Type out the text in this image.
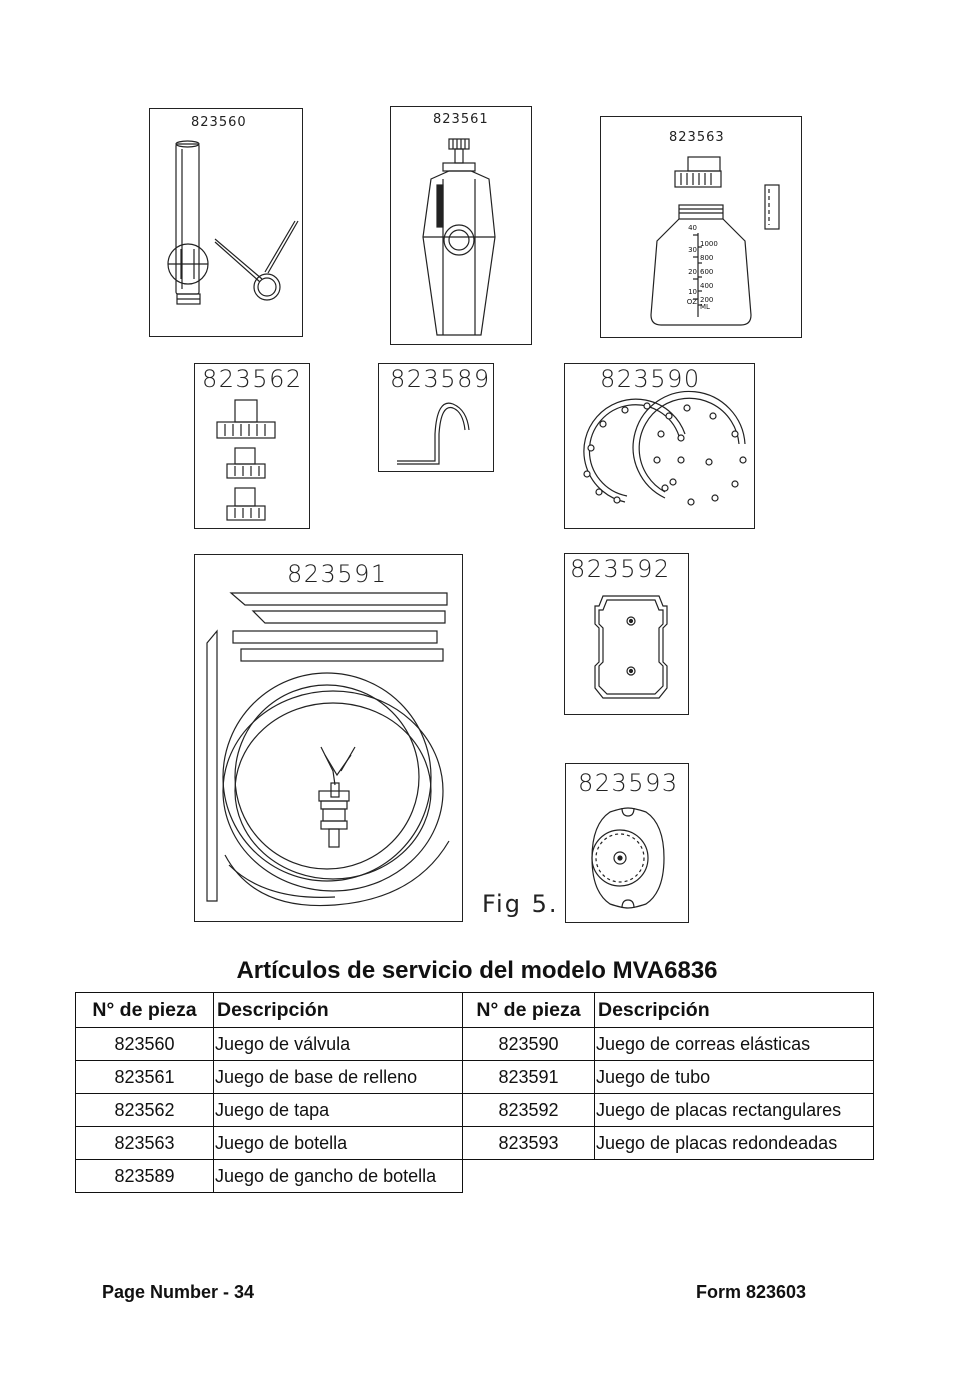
823560	823561
823563
40
30
20
10
OZ
1000
800
600
400
200
ML
823562	823589	823590
823591	823592
823593
Fig 5.
Artículos de servicio del modelo MVA6836
N° de pieza	Descripción	N° de pieza	Descripción
823560	Juego de válvula	823590	Juego de correas elásticas
823561	Juego de base de relleno	823591	Juego de tubo
823562	Juego de tapa	823592	Juego de placas rectangulares
823563	Juego de botella	823593	Juego de placas redondeadas
823589	Juego de gancho de botella		
Page Number - 34	Form 823603
